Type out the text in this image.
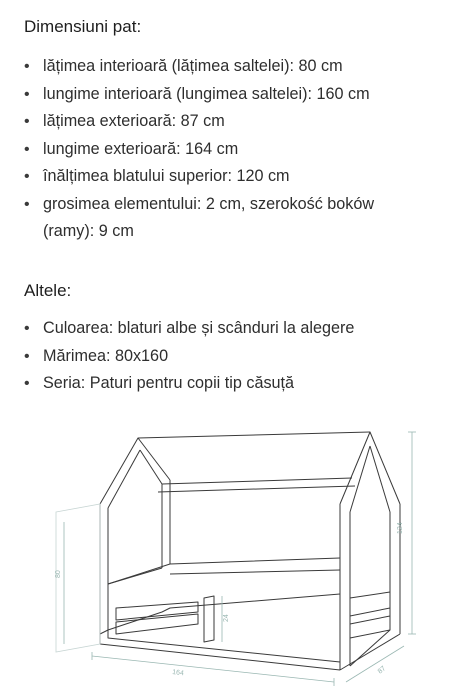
Dimensiuni pat:
• lățimea interioară (lățimea saltelei): 80 cm
• lungime interioară (lungimea saltelei): 160 cm
• lățimea exterioară: 87 cm
• lungime exterioară: 164 cm
• înălțimea blatului superior: 120 cm
• grosimea elementului: 2 cm, szerokość boków
(ramy): 9 cm
Altele:
• Culoarea: blaturi albe și scânduri la alegere
• Mărimea: 80x160
• Seria: Paturi pentru copii tip căsuță
124
80
24
164	87
